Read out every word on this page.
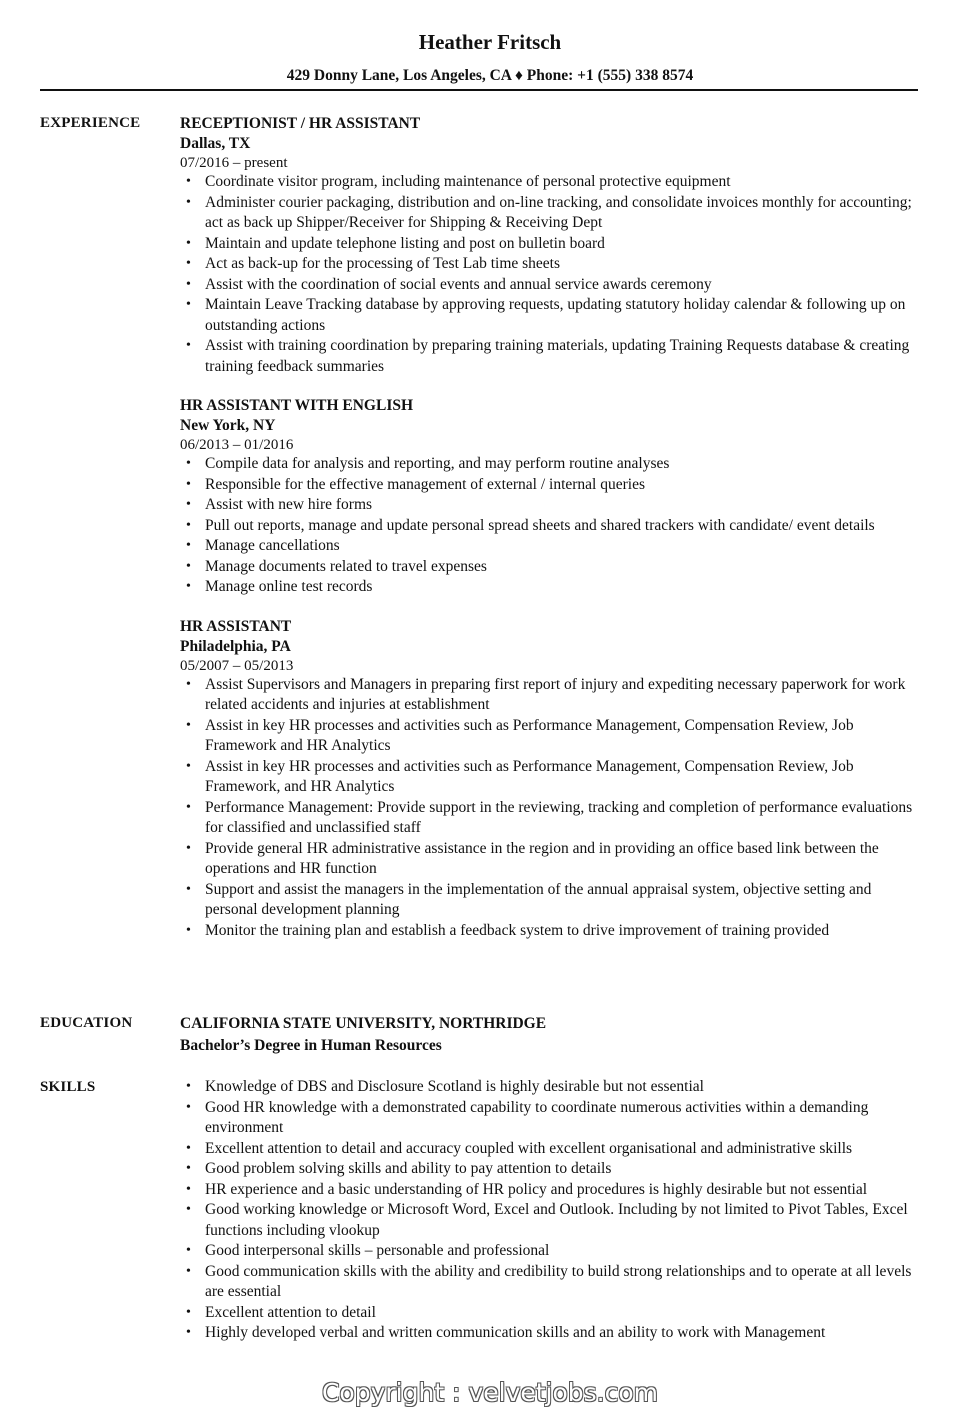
Heather Fritsch
429 Donny Lane, Los Angeles, CA ♦ Phone: +1 (555) 338 8574
EXPERIENCE	RECEPTIONIST / HR ASSISTANT
Dallas, TX
07/2016 – present
• Coordinate visitor program, including maintenance of personal protective equipment
• Administer courier packaging, distribution and on-line tracking, and consolidate invoices monthly for accounting; act as back up Shipper/Receiver for Shipping & Receiving Dept
• Maintain and update telephone listing and post on bulletin board
• Act as back-up for the processing of Test Lab time sheets
• Assist with the coordination of social events and annual service awards ceremony
• Maintain Leave Tracking database by approving requests, updating statutory holiday calendar & following up on outstanding actions
• Assist with training coordination by preparing training materials, updating Training Requests database & creating training feedback summaries
HR ASSISTANT WITH ENGLISH
New York, NY
06/2013 – 01/2016
• Compile data for analysis and reporting, and may perform routine analyses
• Responsible for the effective management of external / internal queries
• Assist with new hire forms
• Pull out reports, manage and update personal spread sheets and shared trackers with candidate/ event details
• Manage cancellations
• Manage documents related to travel expenses
• Manage online test records
HR ASSISTANT
Philadelphia, PA
05/2007 – 05/2013
• Assist Supervisors and Managers in preparing first report of injury and expediting necessary paperwork for work related accidents and injuries at establishment
• Assist in key HR processes and activities such as Performance Management, Compensation Review, Job Framework and HR Analytics
• Assist in key HR processes and activities such as Performance Management, Compensation Review, Job Framework, and HR Analytics
• Performance Management: Provide support in the reviewing, tracking and completion of performance evaluations for classified and unclassified staff
• Provide general HR administrative assistance in the region and in providing an office based link between the operations and HR function
• Support and assist the managers in the implementation of the annual appraisal system, objective setting and personal development planning
• Monitor the training plan and establish a feedback system to drive improvement of training provided
EDUCATION	CALIFORNIA STATE UNIVERSITY, NORTHRIDGE
Bachelor’s Degree in Human Resources
SKILLS	• Knowledge of DBS and Disclosure Scotland is highly desirable but not essential
• Good HR knowledge with a demonstrated capability to coordinate numerous activities within a demanding environment
• Excellent attention to detail and accuracy coupled with excellent organisational and administrative skills
• Good problem solving skills and ability to pay attention to details
• HR experience and a basic understanding of HR policy and procedures is highly desirable but not essential
• Good working knowledge or Microsoft Word, Excel and Outlook. Including by not limited to Pivot Tables, Excel functions including vlookup
• Good interpersonal skills – personable and professional
• Good communication skills with the ability and credibility to build strong relationships and to operate at all levels are essential
• Excellent attention to detail
• Highly developed verbal and written communication skills and an ability to work with Management
Copyright : velvetjobs.com
